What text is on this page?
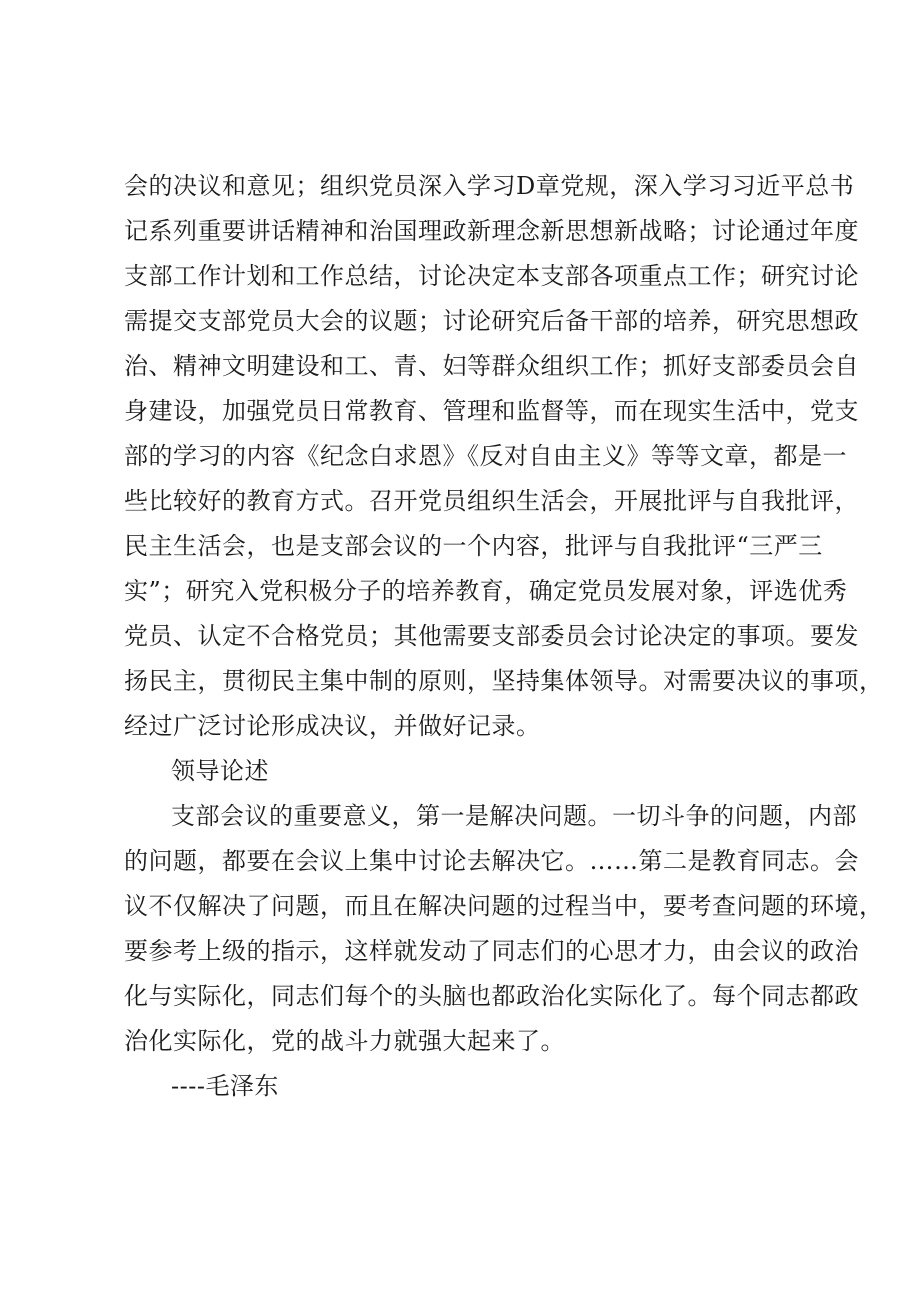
会的决议和意见；组织党员深入学习D章党规，深入学习习近平总书
记系列重要讲话精神和治国理政新理念新思想新战略；讨论通过年度
支部工作计划和工作总结，讨论决定本支部各项重点工作；研究讨论
需提交支部党员大会的议题；讨论研究后备干部的培养，研究思想政
治、精神文明建设和工、青、妇等群众组织工作；抓好支部委员会自
身建设，加强党员日常教育、管理和监督等，而在现实生活中，党支
部的学习的内容《纪念白求恩》《反对自由主义》等等文章，都是一
些比较好的教育方式。召开党员组织生活会，开展批评与自我批评，
民主生活会，也是支部会议的一个内容，批评与自我批评“三严三
实”；研究入党积极分子的培养教育，确定党员发展对象，评选优秀
党员、认定不合格党员；其他需要支部委员会讨论决定的事项。要发
扬民主，贯彻民主集中制的原则，坚持集体领导。对需要决议的事项，
经过广泛讨论形成决议，并做好记录。
领导论述
支部会议的重要意义，第一是解决问题。一切斗争的问题，内部
的问题，都要在会议上集中讨论去解决它。……第二是教育同志。会
议不仅解决了问题，而且在解决问题的过程当中，要考查问题的环境，
要参考上级的指示，这样就发动了同志们的心思才力，由会议的政治
化与实际化，同志们每个的头脑也都政治化实际化了。每个同志都政
治化实际化，党的战斗力就强大起来了。
----毛泽东
